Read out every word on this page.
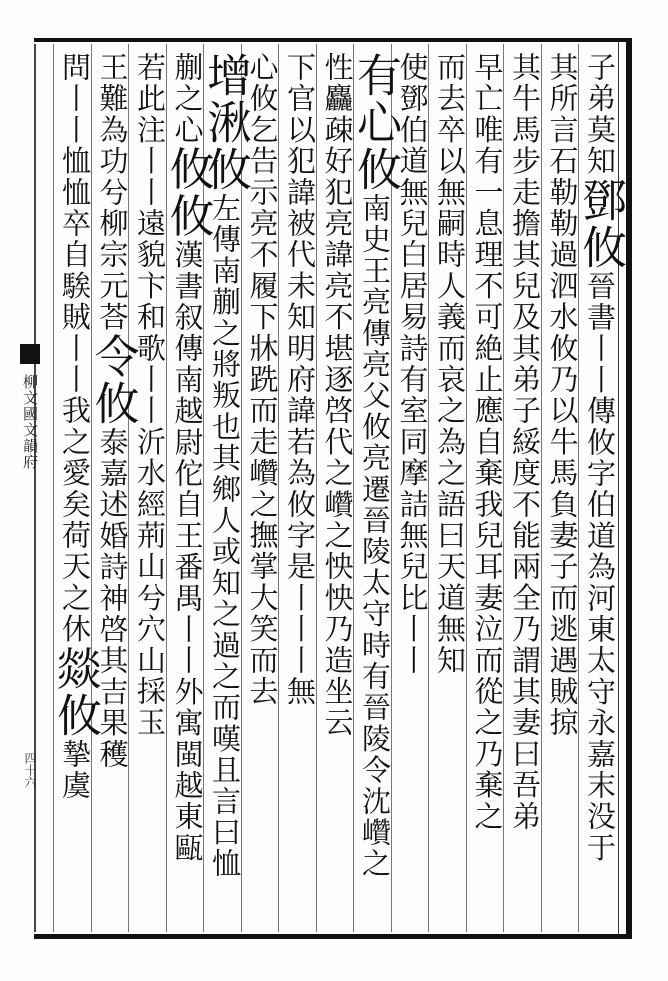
柳文國文韻府
四十六
子弟莫知鄧攸晉書丨丨傳攸字伯道為河東太守永嘉末没于
其所言石勒勒過泗水攸乃以牛馬負妻子而逃遇賊掠
其牛馬步走擔其兒及其弟子綏度不能兩全乃謂其妻曰吾弟
早亡唯有一息理不可絶止應自棄我兒耳妻泣而從之乃棄之
而去卒以無嗣時人義而哀之為之語曰天道無知
使鄧伯道無兒白居易詩有室同摩詰無兒比丨丨
有心攸南史王亮傳亮父攸亮遷晉陵太守時有晉陵令沈巑之
性麤疎好犯亮諱亮不堪逐啓代之巑之怏怏乃造坐云
下官以犯諱被代未知明府諱若為攸字是丨丨丨無
心攸乞告示亮不履下牀跣而走巑之撫掌大笑而去
增湫攸左傳南蒯之將叛也其鄉人或知之過之而嘆且言曰恤
蒯之心攸攸漢書叙傳南越尉佗自王番禺丨丨外寓閩越東甌
若此注丨丨遠貌卞和歌丨丨沂水經荊山兮穴山採玉
王難為功兮柳宗元荅令攸泰嘉述婚詩神啓其吉果穫
問丨丨恤恤卒自騃賊丨丨我之愛矣荷天之休燚攸摯虞
